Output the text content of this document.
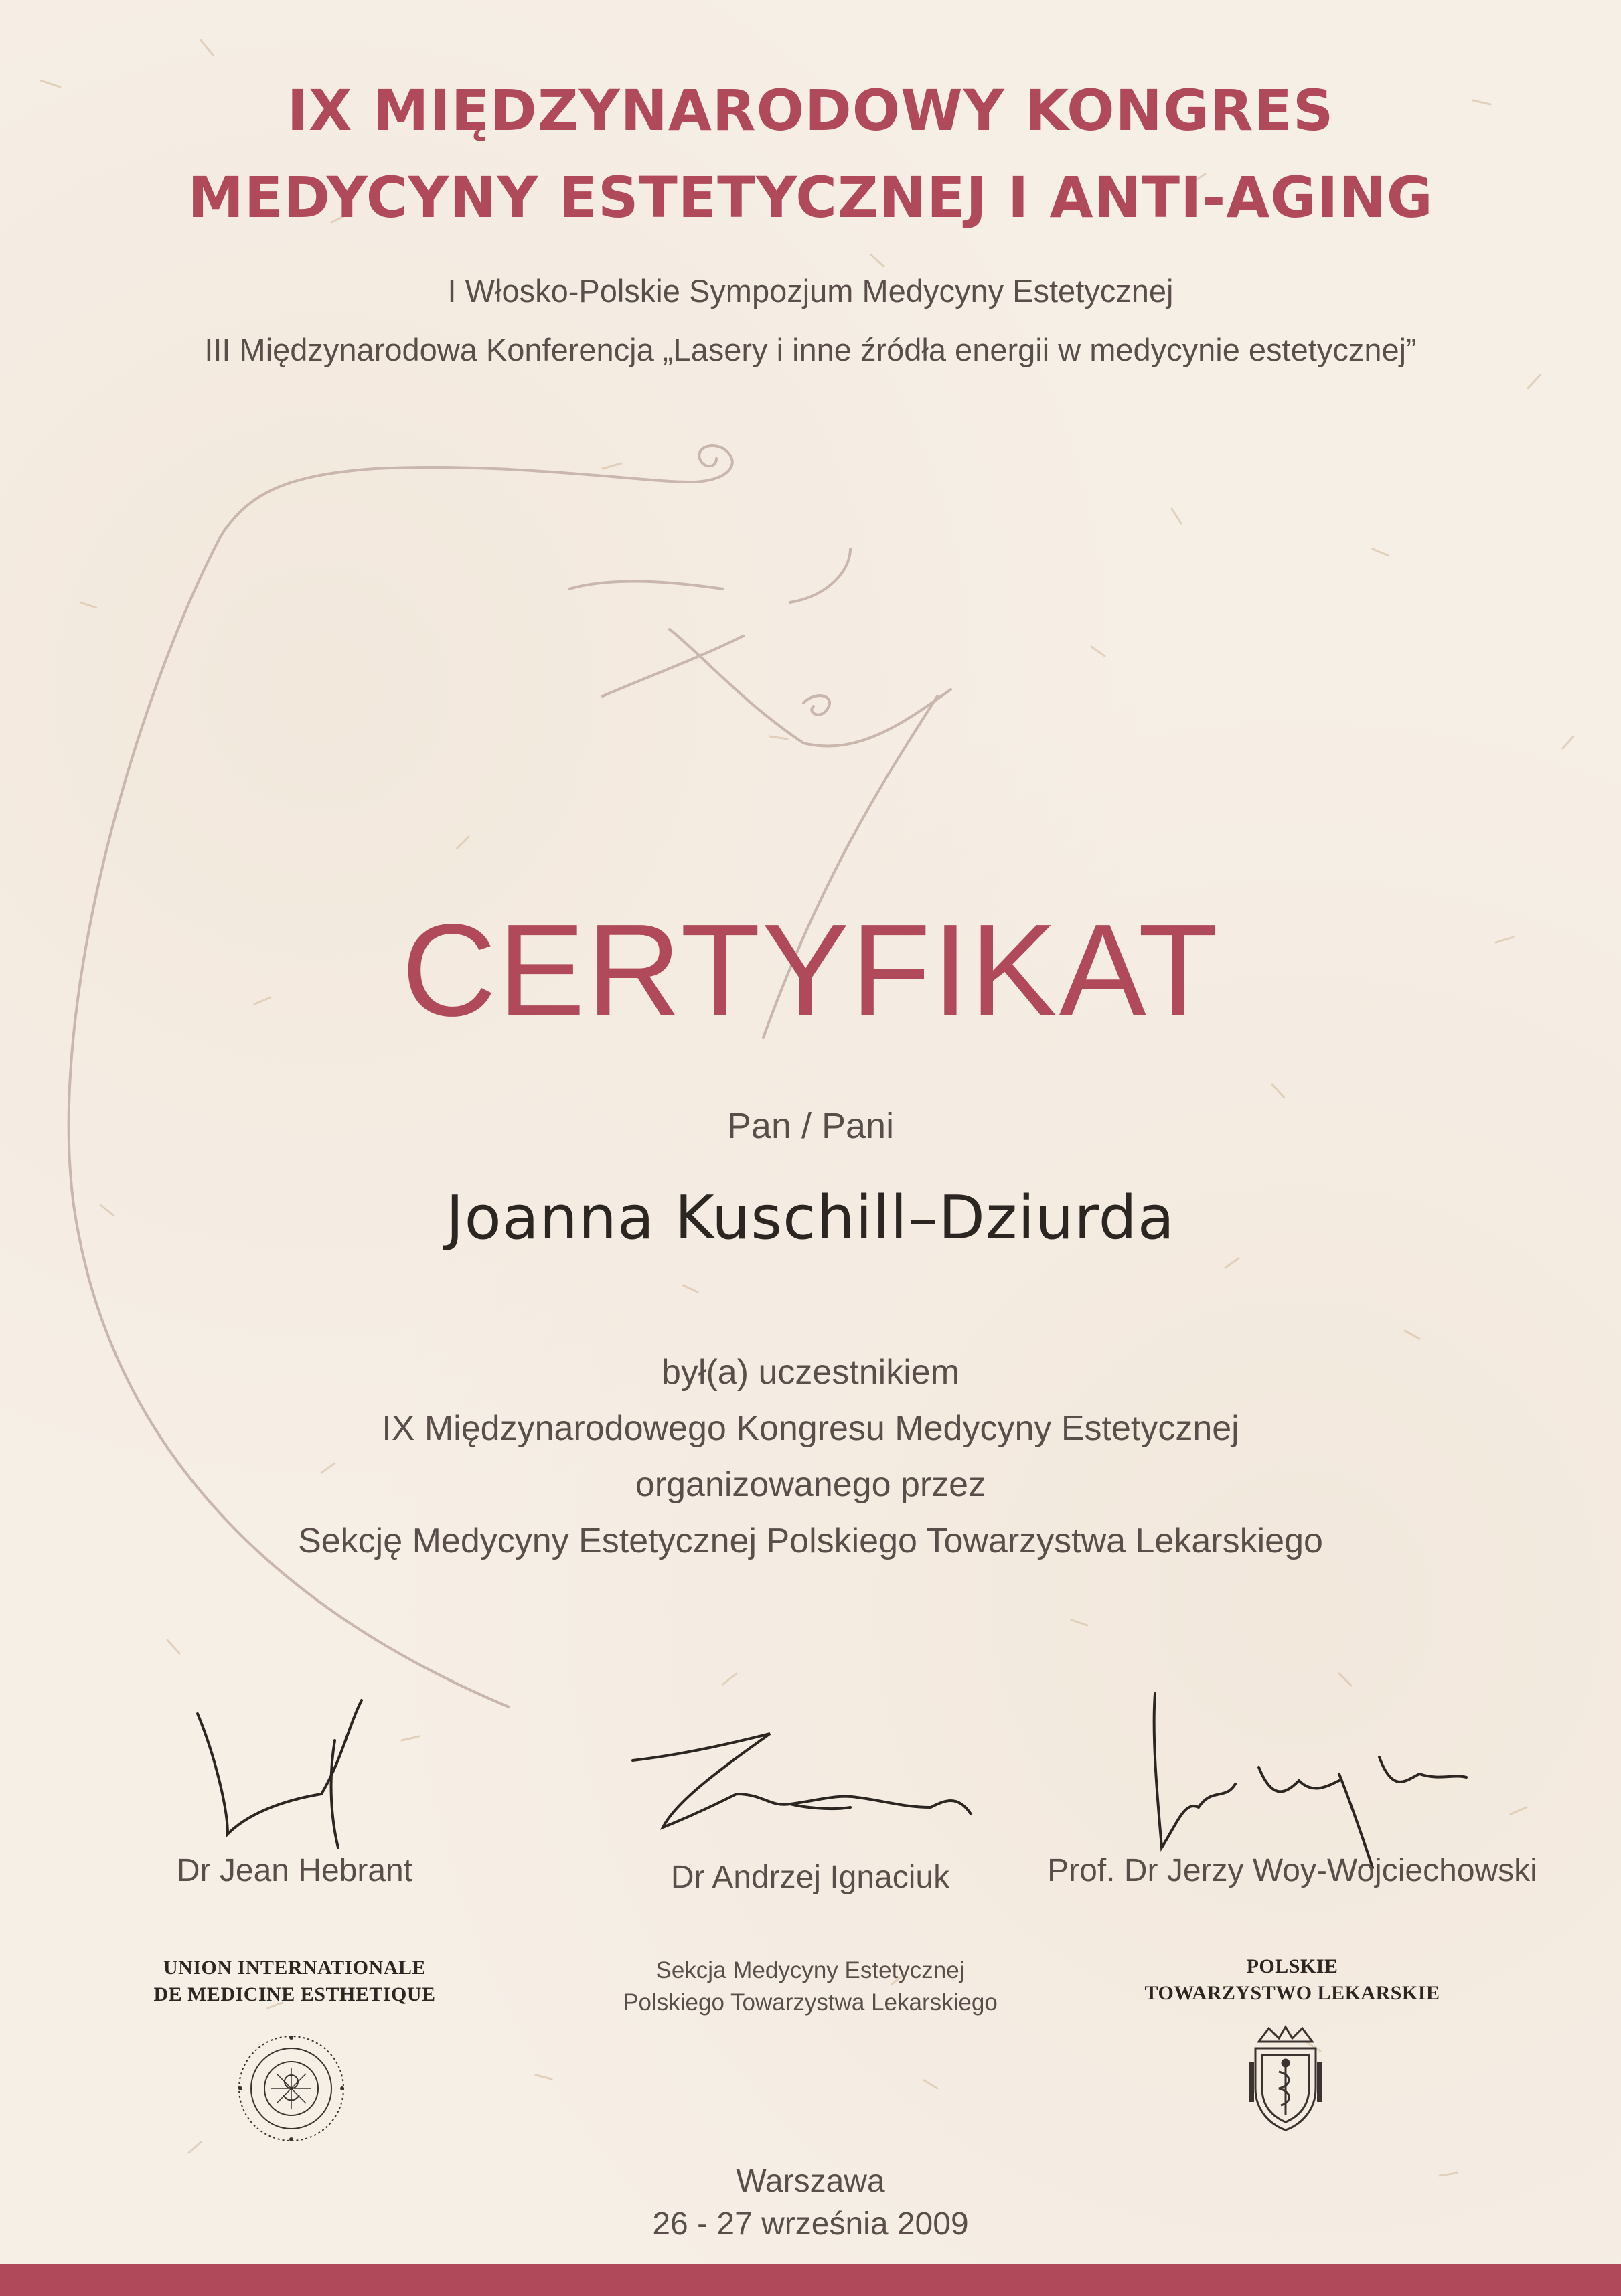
IX MIĘDZYNARODOWY KONGRES
MEDYCYNY ESTETYCZNEJ I ANTI-AGING
I Włosko-Polskie Sympozjum Medycyny Estetycznej
III Międzynarodowa Konferencja „Lasery i inne źródła energii w medycynie estetycznej”
CERTYFIKAT
Pan / Pani
Joanna Kuschill–Dziurda
był(a) uczestnikiem
IX Międzynarodowego Kongresu Medycyny Estetycznej
organizowanego przez
Sekcję Medycyny Estetycznej Polskiego Towarzystwa Lekarskiego
Dr Jean Hebrant	Dr Andrzej Ignaciuk	Prof. Dr Jerzy Woy-Wojciechowski
UNION INTERNATIONALE
DE MEDICINE ESTHETIQUE
Sekcja Medycyny Estetycznej
Polskiego Towarzystwa Lekarskiego
POLSKIE
TOWARZYSTWO LEKARSKIE
Warszawa
26 - 27 września 2009
